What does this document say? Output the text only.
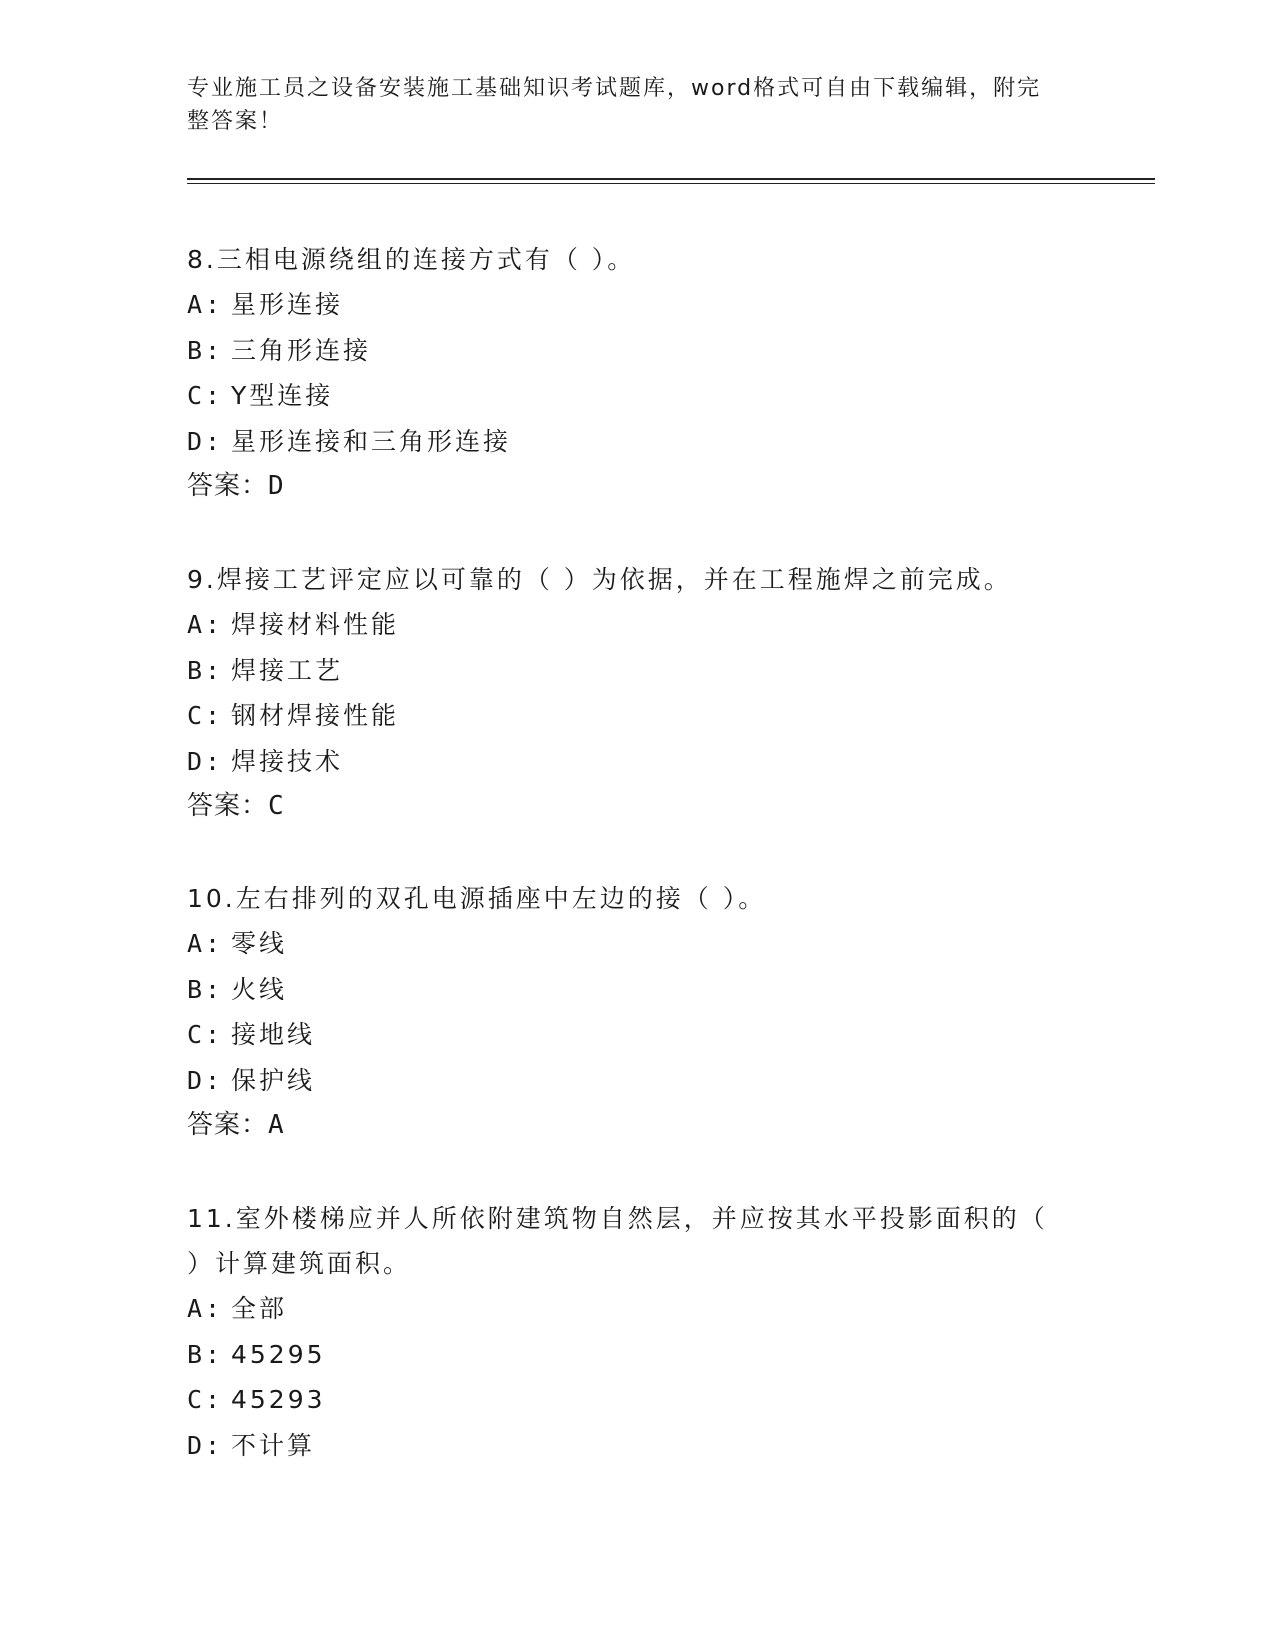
专业施工员之设备安装施工基础知识考试题库，word格式可自由下载编辑，附完
整答案！

8.三相电源绕组的连接方式有（ ）。

A: 星形连接

B: 三角形连接

C: Y型连接

D: 星形连接和三角形连接

答案：D

9.焊接工艺评定应以可靠的（ ）为依据，并在工程施焊之前完成。

A: 焊接材料性能

B: 焊接工艺

C: 钢材焊接性能

D: 焊接技术

答案：C

10.左右排列的双孔电源插座中左边的接（ ）。

A: 零线

B: 火线

C: 接地线

D: 保护线

答案：A

11.室外楼梯应并人所依附建筑物自然层，并应按其水平投影面积的（

）计算建筑面积。

A: 全部

B: 45295

C: 45293

D: 不计算
